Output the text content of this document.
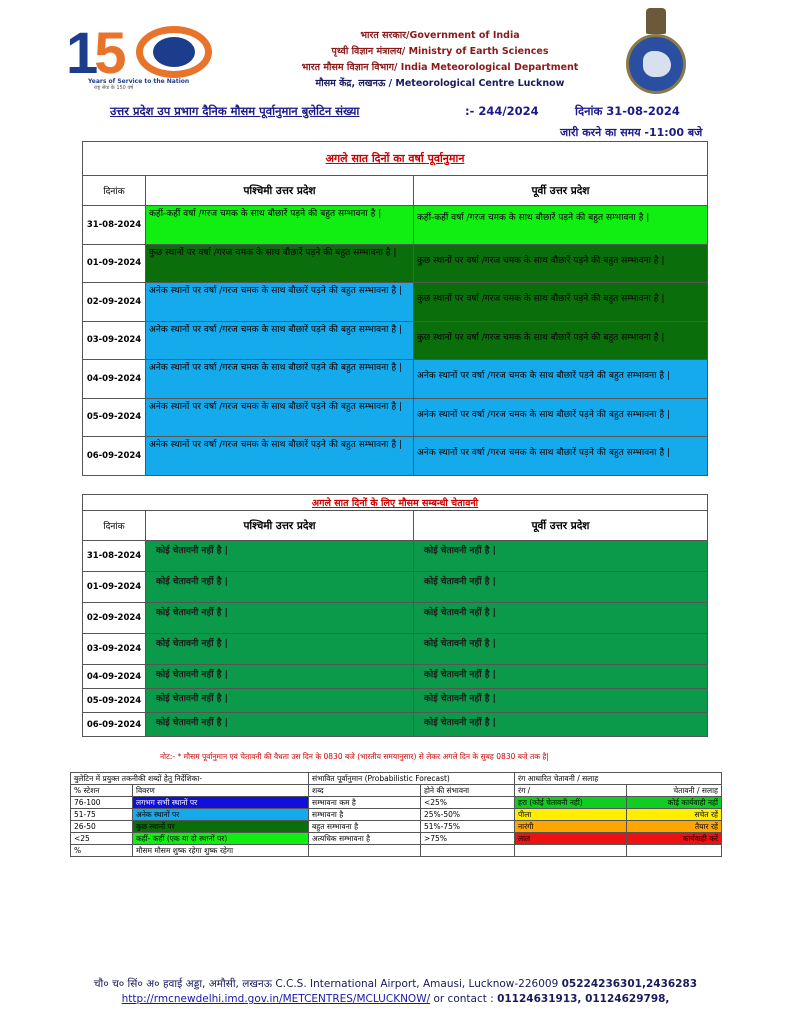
15
Years of Service to the Nation
राष्ट्र सेवा के 150 वर्ष
भारत सरकार/Government of India
पृथ्वी विज्ञान मंत्रालय/ Ministry of Earth Sciences
भारत मौसम विज्ञान विभाग/ India Meteorological Department
मौसम केंद्र, लखनऊ / Meteorological Centre Lucknow
उत्तर प्रदेश उप प्रभाग दैनिक मौसम पूर्वानुमान बुलेटिन संख्या	:- 244/2024	दिनांक 31-08-2024
जारी करने का समय -11:00 बजे
अगले सात दिनों का वर्षा पूर्वानुमान		
दिनांक	पश्चिमी उत्तर प्रदेश	पूर्वी उत्तर प्रदेश
31-08-2024	कहीं-कहीं वर्षा /गरज चमक के साथ बौछारें पड़ने की बहुत सम्भावना है |	कहीं-कहीं वर्षा /गरज चमक के साथ बौछारें पड़ने की बहुत सम्भावना है |
01-09-2024	कुछ स्थानों पर वर्षा /गरज चमक के साथ बौछारें पड़ने की बहुत सम्भावना है |	कुछ स्थानों पर वर्षा /गरज चमक के साथ बौछारें पड़ने की बहुत सम्भावना है |
02-09-2024	अनेक स्थानों पर वर्षा /गरज चमक के साथ बौछारें पड़ने की बहुत सम्भावना है |	कुछ स्थानों पर वर्षा /गरज चमक के साथ बौछारें पड़ने की बहुत सम्भावना है |
03-09-2024	अनेक स्थानों पर वर्षा /गरज चमक के साथ बौछारें पड़ने की बहुत सम्भावना है |	कुछ स्थानों पर वर्षा /गरज चमक के साथ बौछारें पड़ने की बहुत सम्भावना है |
04-09-2024	अनेक स्थानों पर वर्षा /गरज चमक के साथ बौछारें पड़ने की बहुत सम्भावना है |	अनेक स्थानों पर वर्षा /गरज चमक के साथ बौछारें पड़ने की बहुत सम्भावना है |
05-09-2024	अनेक स्थानों पर वर्षा /गरज चमक के साथ बौछारें पड़ने की बहुत सम्भावना है |	अनेक स्थानों पर वर्षा /गरज चमक के साथ बौछारें पड़ने की बहुत सम्भावना है |
06-09-2024	अनेक स्थानों पर वर्षा /गरज चमक के साथ बौछारें पड़ने की बहुत सम्भावना है |	अनेक स्थानों पर वर्षा /गरज चमक के साथ बौछारें पड़ने की बहुत सम्भावना है |
अगले सात दिनों के लिए मौसम सम्बन्धी चेतावनी		
दिनांक	पश्चिमी उत्तर प्रदेश	पूर्वी उत्तर प्रदेश
31-08-2024	कोई चेतावनी नहीं है |	कोई चेतावनी नहीं है |
01-09-2024	कोई चेतावनी नहीं है |	कोई चेतावनी नहीं है |
02-09-2024	कोई चेतावनी नहीं है |	कोई चेतावनी नहीं है |
03-09-2024	कोई चेतावनी नहीं है |	कोई चेतावनी नहीं है |
04-09-2024	कोई चेतावनी नहीं है |	कोई चेतावनी नहीं है |
05-09-2024	कोई चेतावनी नहीं है |	कोई चेतावनी नहीं है |
06-09-2024	कोई चेतावनी नहीं है |	कोई चेतावनी नहीं है |
नोट:- * मौसम पूर्वानुमान एवं चेतावनी की वैधता उस दिन के 0830 बजे (भारतीय समयानुसार) से लेकर अगले दिन के सुबह 0830 बजे तक है|
बुलेटिन में प्रयुक्त तकनीकी शब्दों हेतु निर्देशिका-		संभावित पूर्वानुमान (Probabilistic Forecast)		रंग आधारित चेतावनी / सलाह	
% स्टेशन	विवरण	शब्द	होने की संभावना	रंग /	चेतावनी / सलाह
76-100	लगभग सभी स्थानों पर	सम्भावना कम है	<25%	हरा (कोई चेतावनी नहीं)	कोई कार्यवाही नहीं
51-75	अनेक स्थानों पर	सम्भावना है	25%-50%	पीला	सचेत रहें
26-50	कुछ स्थानों पर	बहुत सम्भावना है	51%-75%	नारंगी	तैयार रहें
<25	कहीं- कहीं (एक या दो स्थानों पर)	अत्यधिक सम्भावना है	>75%	लाल	कार्यवाही करें
%	मौसम मौसम शुष्क रहेगा शुष्क रहेगा				
चौ० च० सिं० अ० हवाई अड्डा, अमौसी, लखनऊ C.C.S. International Airport, Amausi, Lucknow-226009 05224236301,2436283
http://rmcnewdelhi.imd.gov.in/METCENTRES/MCLUCKNOW/ or contact : 01124631913, 01124629798,
